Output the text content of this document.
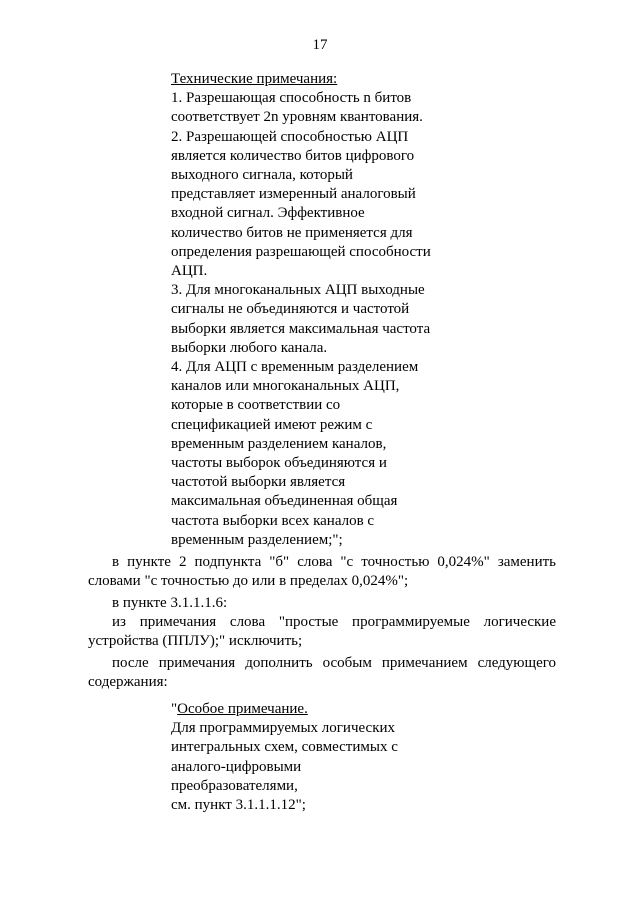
17
Технические примечания:
1. Разрешающая способность n битов
соответствует 2n уровням квантования.
2. Разрешающей способностью АЦП
является количество битов цифрового
выходного сигнала, который
представляет измеренный аналоговый
входной сигнал. Эффективное
количество битов не применяется для
определения разрешающей способности
АЦП.
3. Для многоканальных АЦП выходные
сигналы не объединяются и частотой
выборки является максимальная частота
выборки любого канала.
4. Для АЦП с временным разделением
каналов или многоканальных АЦП,
которые в соответствии со
спецификацией имеют режим с
временным разделением каналов,
частоты выборок объединяются и
частотой выборки является
максимальная объединенная общая
частота выборки всех каналов с
временным разделением;";
в пункте 2 подпункта "б" слова "с точностью 0,024%" заменить словами "с точностью до или в пределах 0,024%";
в пункте 3.1.1.1.6:
из примечания слова "простые программируемые логические устройства (ППЛУ);" исключить;
после примечания дополнить особым примечанием следующего содержания:
"Особое примечание.
Для программируемых логических
интегральных схем, совместимых с
аналого-цифровыми
преобразователями,
см. пункт 3.1.1.1.12";
